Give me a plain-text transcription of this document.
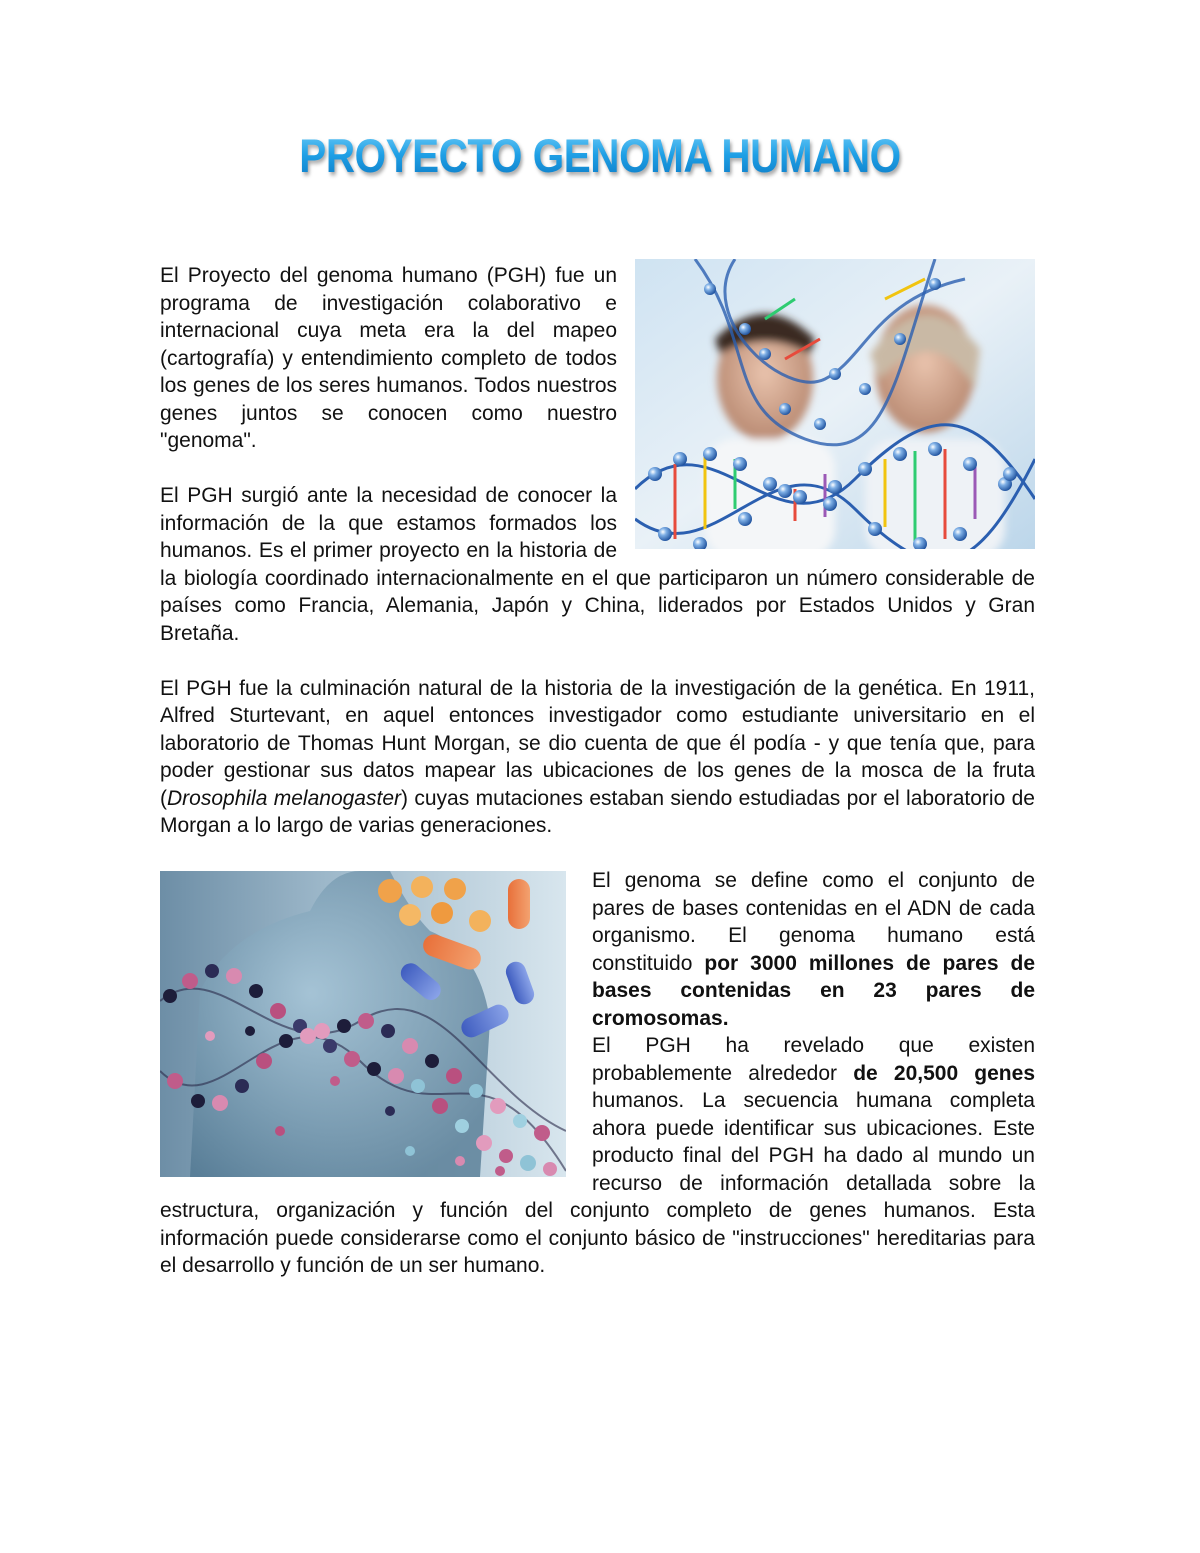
PROYECTO GENOMA HUMANO

El Proyecto del genoma humano (PGH) fue un programa de investigación colaborativo e internacional cuya meta era la del mapeo (cartografía) y entendimiento completo de todos los genes de los seres humanos. Todos nuestros genes juntos se conocen como nuestro "genoma".

El PGH surgió ante la necesidad de conocer la información de la que estamos formados los humanos. Es el primer proyecto en la historia de la biología coordinado internacionalmente en el que participaron un número considerable de países como Francia, Alemania, Japón y China, liderados por Estados Unidos y Gran Bretaña.

El PGH fue la culminación natural de la historia de la investigación de la genética. En 1911, Alfred Sturtevant, en aquel entonces investigador como estudiante universitario en el laboratorio de Thomas Hunt Morgan, se dio cuenta de que él podía - y que tenía que, para poder gestionar sus datos mapear las ubicaciones de los genes de la mosca de la fruta (Drosophila melanogaster) cuyas mutaciones estaban siendo estudiadas por el laboratorio de Morgan a lo largo de varias generaciones.

El genoma se define como el conjunto de pares de bases contenidas en el ADN de cada organismo. El genoma humano está constituido por 3000 millones de pares de bases contenidas en 23 pares de cromosomas.

El PGH ha revelado que existen probablemente alrededor de 20,500 genes humanos. La secuencia humana completa ahora puede identificar sus ubicaciones. Este producto final del PGH ha dado al mundo un recurso de información detallada sobre la estructura, organización y función del conjunto completo de genes humanos. Esta información puede considerarse como el conjunto básico de "instrucciones" hereditarias para el desarrollo y función de un ser humano.
